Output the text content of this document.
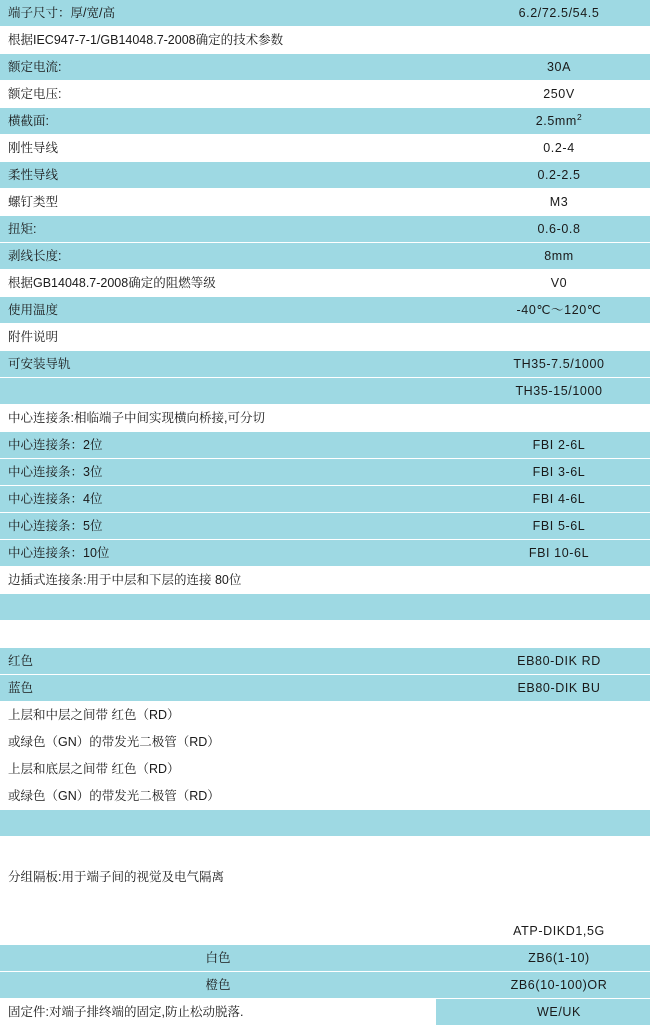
端子尺寸：厚/宽/高	6.2/72.5/54.5
根据IEC947-7-1/GB14048.7-2008确定的技术参数	
额定电流:	30A
额定电压:	250V
横截面:	$2.5mm^2$
刚性导线	0.2-4
柔性导线	0.2-2.5
螺钉类型	M3
扭矩:	0.6-0.8
剥线长度:	8mm
根据GB14048.7-2008确定的阻燃等级	V0
使用温度	-40℃～120℃
附件说明	
可安装导轨	TH35-7.5/1000
	TH35-15/1000
中心连接条:相临端子中间实现横向桥接,可分切	
中心连接条：2位	FBI 2-6L
中心连接条：3位	FBI 3-6L
中心连接条：4位	FBI 4-6L
中心连接条：5位	FBI 5-6L
中心连接条：10位	FBI 10-6L
边插式连接条:用于中层和下层的连接 80位	

红色	EB80-DIK RD
蓝色	EB80-DIK BU
上层和中层之间带 红色（RD）	
或绿色（GN）的带发光二极管（RD）	
上层和底层之间带 红色（RD）	
或绿色（GN）的带发光二极管（RD）	

分组隔板:用于端子间的视觉及电气隔离	

	ATP-DIKD1,5G
白色	ZB6(1-10)
橙色	ZB6(10-100)OR
固定件:对端子排终端的固定,防止松动脱落.	WE/UK
